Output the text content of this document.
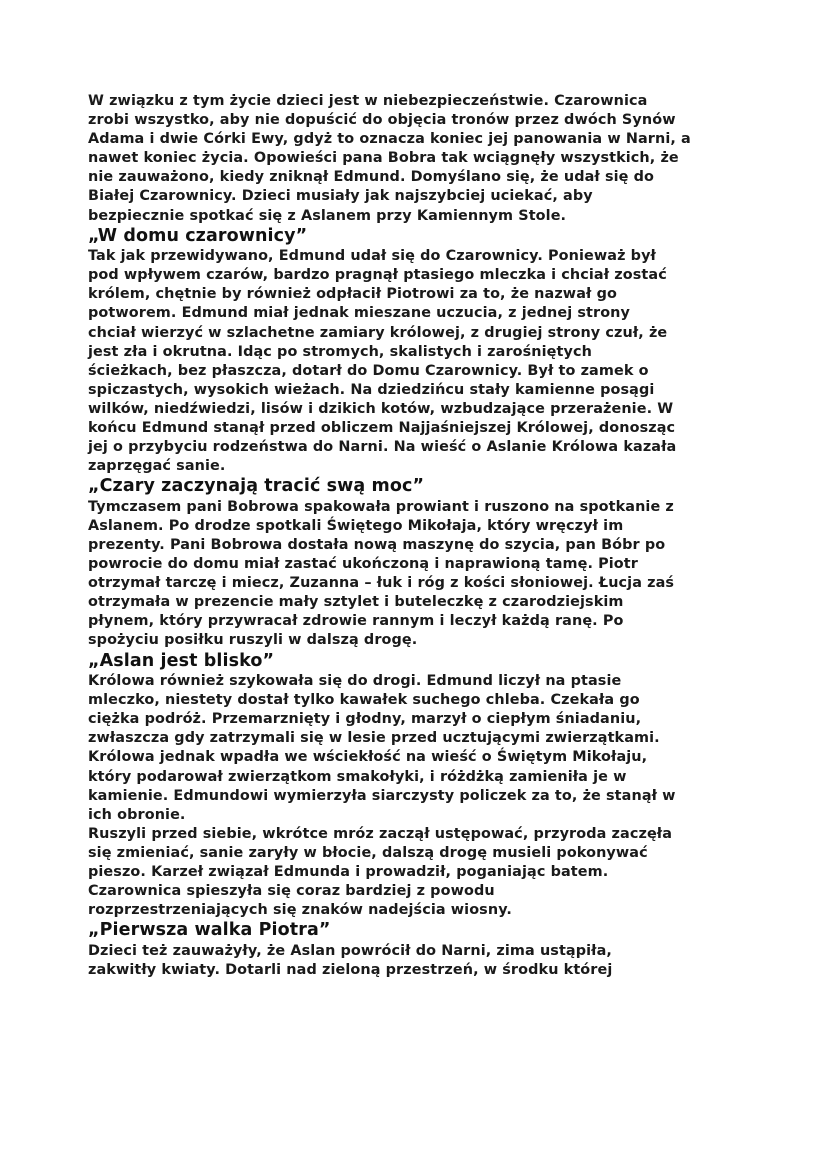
W związku z tym życie dzieci jest w niebezpieczeństwie. Czarownica
zrobi wszystko, aby nie dopuścić do objęcia tronów przez dwóch Synów
Adama i dwie Córki Ewy, gdyż to oznacza koniec jej panowania w Narni, a
nawet koniec życia. Opowieści pana Bobra tak wciągnęły wszystkich, że
nie zauważono, kiedy zniknął Edmund. Domyślano się, że udał się do
Białej Czarownicy. Dzieci musiały jak najszybciej uciekać, aby
bezpiecznie spotkać się z Aslanem przy Kamiennym Stole.

„W domu czarownicy”

Tak jak przewidywano, Edmund udał się do Czarownicy. Ponieważ był
pod wpływem czarów, bardzo pragnął ptasiego mleczka i chciał zostać
królem, chętnie by również odpłacił Piotrowi za to, że nazwał go
potworem. Edmund miał jednak mieszane uczucia, z jednej strony
chciał wierzyć w szlachetne zamiary królowej, z drugiej strony czuł, że
jest zła i okrutna. Idąc po stromych, skalistych i zarośniętych
ścieżkach, bez płaszcza, dotarł do Domu Czarownicy. Był to zamek o
spiczastych, wysokich wieżach. Na dziedzińcu stały kamienne posągi
wilków, niedźwiedzi, lisów i dzikich kotów, wzbudzające przerażenie. W
końcu Edmund stanął przed obliczem Najjaśniejszej Królowej, donosząc
jej o przybyciu rodzeństwa do Narni. Na wieść o Aslanie Królowa kazała
zaprzęgać sanie.

„Czary zaczynają tracić swą moc”

Tymczasem pani Bobrowa spakowała prowiant i ruszono na spotkanie z
Aslanem. Po drodze spotkali Świętego Mikołaja, który wręczył im
prezenty. Pani Bobrowa dostała nową maszynę do szycia, pan Bóbr po
powrocie do domu miał zastać ukończoną i naprawioną tamę. Piotr
otrzymał tarczę i miecz, Zuzanna – łuk i róg z kości słoniowej. Łucja zaś
otrzymała w prezencie mały sztylet i buteleczkę z czarodziejskim
płynem, który przywracał zdrowie rannym i leczył każdą ranę. Po
spożyciu posiłku ruszyli w dalszą drogę.

„Aslan jest blisko”

Królowa również szykowała się do drogi. Edmund liczył na ptasie
mleczko, niestety dostał tylko kawałek suchego chleba. Czekała go
ciężka podróż. Przemarznięty i głodny, marzył o ciepłym śniadaniu,
zwłaszcza gdy zatrzymali się w lesie przed ucztującymi zwierzątkami.
Królowa jednak wpadła we wściekłość na wieść o Świętym Mikołaju,
który podarował zwierzątkom smakołyki, i różdżką zamieniła je w
kamienie. Edmundowi wymierzyła siarczysty policzek za to, że stanął w
ich obronie.

Ruszyli przed siebie, wkrótce mróz zaczął ustępować, przyroda zaczęła
się zmieniać, sanie zaryły w błocie, dalszą drogę musieli pokonywać
pieszo. Karzeł związał Edmunda i prowadził, poganiając batem.
Czarownica spieszyła się coraz bardziej z powodu
rozprzestrzeniających się znaków nadejścia wiosny.

„Pierwsza walka Piotra”

Dzieci też zauważyły, że Aslan powrócił do Narni, zima ustąpiła,
zakwitły kwiaty. Dotarli nad zieloną przestrzeń, w środku której
